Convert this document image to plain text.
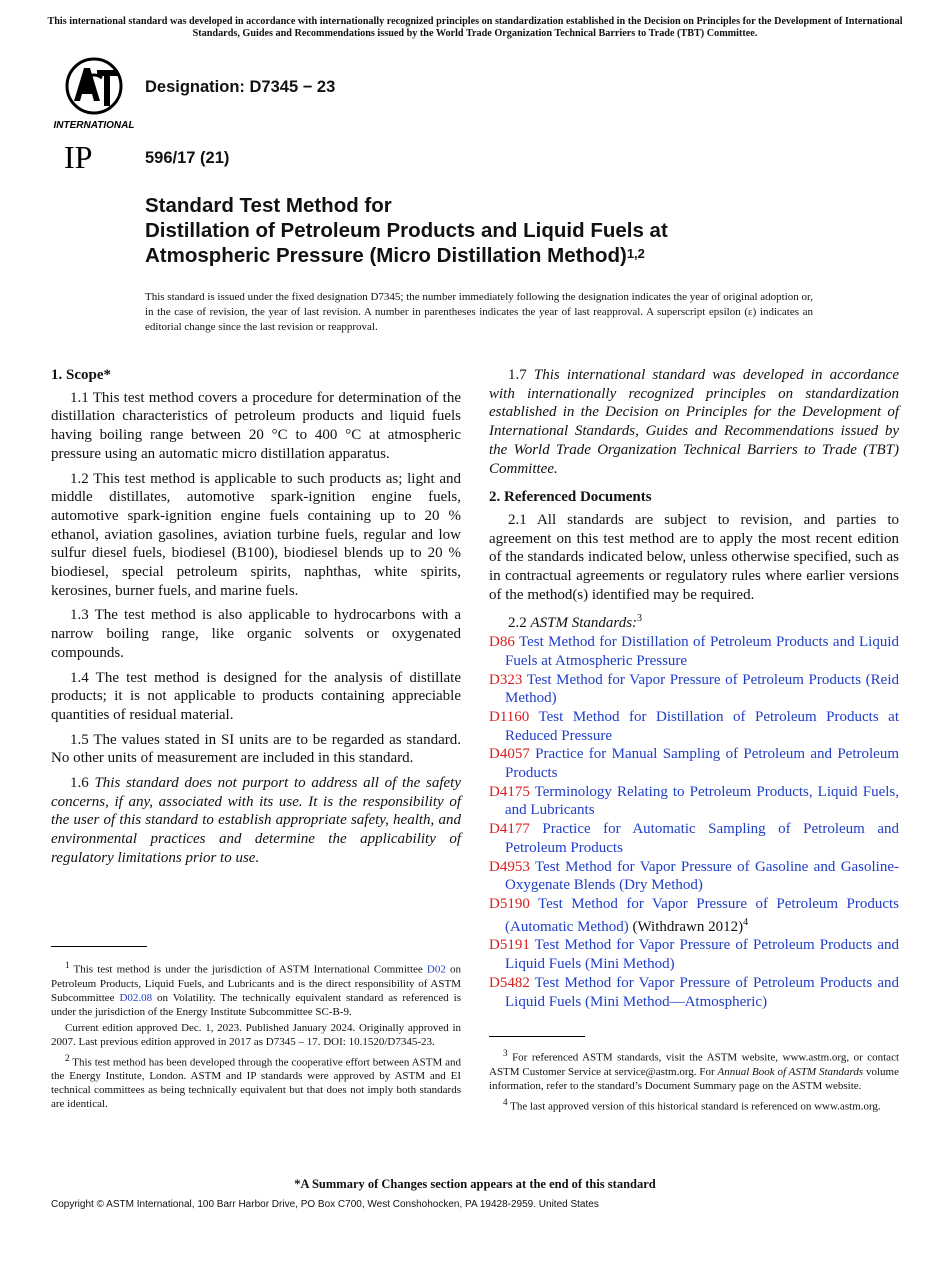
This international standard was developed in accordance with internationally recognized principles on standardization established in the Decision on Principles for the Development of International Standards, Guides and Recommendations issued by the World Trade Organization Technical Barriers to Trade (TBT) Committee.
INTERNATIONAL
IP
Designation: D7345 − 23
596/17 (21)
Standard Test Method for
Distillation of Petroleum Products and Liquid Fuels at
Atmospheric Pressure (Micro Distillation Method)$^{1,2}$
This standard is issued under the fixed designation D7345; the number immediately following the designation indicates the year of original adoption or, in the case of revision, the year of last revision. A number in parentheses indicates the year of last reapproval. A superscript epsilon (ε) indicates an editorial change since the last revision or reapproval.
1. Scope*

1.1 This test method covers a procedure for determination of the distillation characteristics of petroleum products and liquid fuels having boiling range between 20 °C to 400 °C at atmospheric pressure using an automatic micro distillation apparatus.

1.2 This test method is applicable to such products as; light and middle distillates, automotive spark-ignition engine fuels, automotive spark-ignition engine fuels containing up to 20 % ethanol, aviation gasolines, aviation turbine fuels, regular and low sulfur diesel fuels, biodiesel (B100), biodiesel blends up to 20 % biodiesel, special petroleum spirits, naphthas, white spirits, kerosines, burner fuels, and marine fuels.

1.3 The test method is also applicable to hydrocarbons with a narrow boiling range, like organic solvents or oxygenated compounds.

1.4 The test method is designed for the analysis of distillate products; it is not applicable to products containing appreciable quantities of residual material.

1.5 The values stated in SI units are to be regarded as standard. No other units of measurement are included in this standard.

1.6 This standard does not purport to address all of the safety concerns, if any, associated with its use. It is the responsibility of the user of this standard to establish appropriate safety, health, and environmental practices and determine the applicability of regulatory limitations prior to use.

1.7 This international standard was developed in accordance with internationally recognized principles on standardization established in the Decision on Principles for the Development of International Standards, Guides and Recommendations issued by the World Trade Organization Technical Barriers to Trade (TBT) Committee.

2. Referenced Documents

2.1 All standards are subject to revision, and parties to agreement on this test method are to apply the most recent edition of the standards indicated below, unless otherwise specified, such as in contractual agreements or regulatory rules where earlier versions of the method(s) identified may be required.

2.2 ASTM Standards:$^3$

D86 Test Method for Distillation of Petroleum Products and Liquid Fuels at Atmospheric Pressure
D323 Test Method for Vapor Pressure of Petroleum Products (Reid Method)
D1160 Test Method for Distillation of Petroleum Products at Reduced Pressure
D4057 Practice for Manual Sampling of Petroleum and Petroleum Products
D4175 Terminology Relating to Petroleum Products, Liquid Fuels, and Lubricants
D4177 Practice for Automatic Sampling of Petroleum and Petroleum Products
D4953 Test Method for Vapor Pressure of Gasoline and Gasoline-Oxygenate Blends (Dry Method)
D5190 Test Method for Vapor Pressure of Petroleum Products (Automatic Method) (Withdrawn 2012)$^4$
D5191 Test Method for Vapor Pressure of Petroleum Products and Liquid Fuels (Mini Method)
D5482 Test Method for Vapor Pressure of Petroleum Products and Liquid Fuels (Mini Method—Atmospheric)

$^1$ This test method is under the jurisdiction of ASTM International Committee D02 on Petroleum Products, Liquid Fuels, and Lubricants and is the direct responsibility of ASTM Subcommittee D02.08 on Volatility. The technically equivalent standard as referenced is under the jurisdiction of the Energy Institute Subcommittee SC-B-9.

Current edition approved Dec. 1, 2023. Published January 2024. Originally approved in 2007. Last previous edition approved in 2017 as D7345 – 17. DOI: 10.1520/D7345-23.

$^2$ This test method has been developed through the cooperative effort between ASTM and the Energy Institute, London. ASTM and IP standards were approved by ASTM and EI technical committees as being technically equivalent but that does not imply both standards are identical.

$^3$ For referenced ASTM standards, visit the ASTM website, www.astm.org, or contact ASTM Customer Service at service@astm.org. For Annual Book of ASTM Standards volume information, refer to the standard’s Document Summary page on the ASTM website.

$^4$ The last approved version of this historical standard is referenced on www.astm.org.

*A Summary of Changes section appears at the end of this standard
Copyright © ASTM International, 100 Barr Harbor Drive, PO Box C700, West Conshohocken, PA 19428-2959. United States
